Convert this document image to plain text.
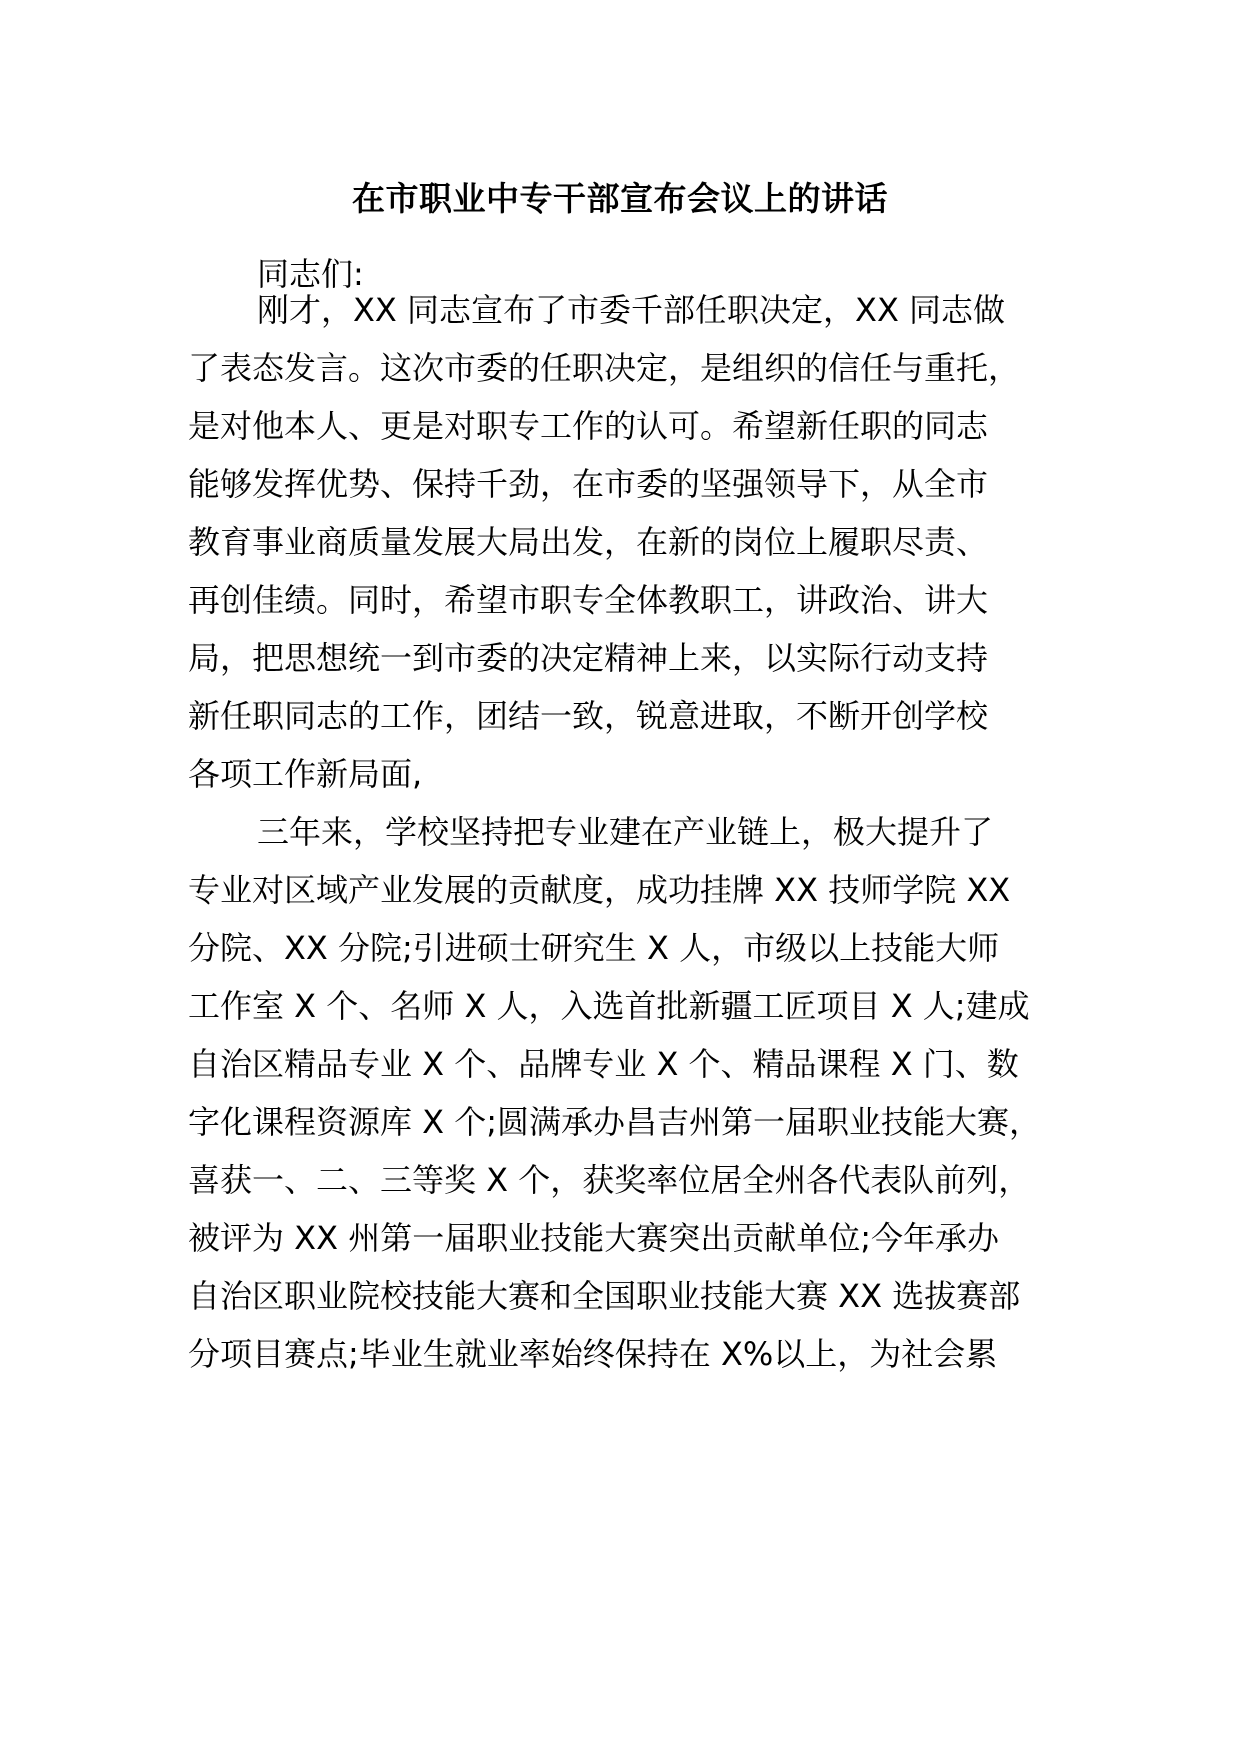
在市职业中专干部宣布会议上的讲话
同志们:
刚才，XX 同志宣布了市委千部任职决定，XX 同志做
了表态发言。这次市委的任职决定，是组织的信任与重托，
是对他本人、更是对职专工作的认可。希望新任职的同志
能够发挥优势、保持千劲，在市委的坚强领导下，从全市
教育事业商质量发展大局出发，在新的岗位上履职尽责、
再创佳绩。同时，希望市职专全体教职工，讲政治、讲大
局，把思想统一到市委的决定精神上来，以实际行动支持
新任职同志的工作，团结一致，锐意进取，不断开创学校
各项工作新局面,
三年来，学校坚持把专业建在产业链上，极大提升了
专业对区域产业发展的贡献度，成功挂牌 XX 技师学院 XX
分院、XX 分院;引进硕士研究生 X 人，市级以上技能大师
工作室 X 个、名师 X 人，入选首批新疆工匠项目 X 人;建成
自治区精品专业 X 个、品牌专业 X 个、精品课程 X 门、数
字化课程资源库 X 个;圆满承办昌吉州第一届职业技能大赛，
喜获一、二、三等奖 X 个，获奖率位居全州各代表队前列，
被评为 XX 州第一届职业技能大赛突出贡献单位;今年承办
自治区职业院校技能大赛和全国职业技能大赛 XX 选拔赛部
分项目赛点;毕业生就业率始终保持在 X%以上，为社会累
